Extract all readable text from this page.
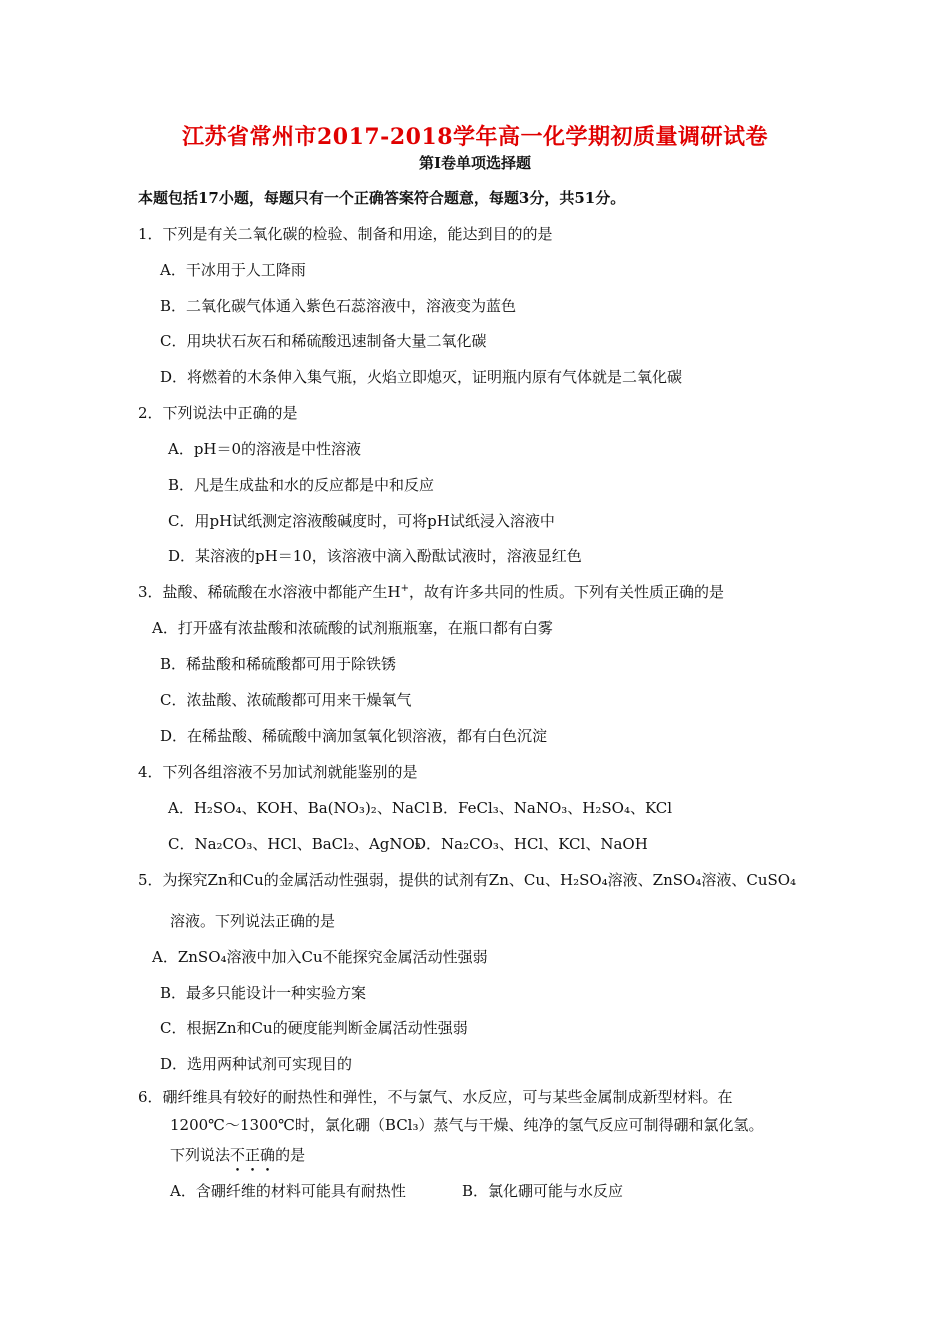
江苏省常州市2017-2018学年高一化学期初质量调研试卷
第Ⅰ卷单项选择题
本题包括17小题，每题只有一个正确答案符合题意，每题3分，共51分。
1．下列是有关二氧化碳的检验、制备和用途，能达到目的的是
A．干冰用于人工降雨
B．二氧化碳气体通入紫色石蕊溶液中，溶液变为蓝色
C．用块状石灰石和稀硫酸迅速制备大量二氧化碳
D．将燃着的木条伸入集气瓶，火焰立即熄灭，证明瓶内原有气体就是二氧化碳
2．下列说法中正确的是
A．pH＝0的溶液是中性溶液
B．凡是生成盐和水的反应都是中和反应
C．用pH试纸测定溶液酸碱度时，可将pH试纸浸入溶液中
D．某溶液的pH＝10，该溶液中滴入酚酞试液时，溶液显红色
3．盐酸、稀硫酸在水溶液中都能产生H+，故有许多共同的性质。下列有关性质正确的是
A．打开盛有浓盐酸和浓硫酸的试剂瓶瓶塞，在瓶口都有白雾
B．稀盐酸和稀硫酸都可用于除铁锈
C．浓盐酸、浓硫酸都可用来干燥氧气
D．在稀盐酸、稀硫酸中滴加氢氧化钡溶液，都有白色沉淀
4．下列各组溶液不另加试剂就能鉴别的是
A．H₂SO₄、KOH、Ba(NO₃)₂、NaCl B．FeCl₃、NaNO₃、H₂SO₄、KCl
C．Na₂CO₃、HCl、BaCl₂、AgNO₃
D．Na₂CO₃、HCl、KCl、NaOH
5．为探究Zn和Cu的金属活动性强弱，提供的试剂有Zn、Cu、H₂SO₄溶液、ZnSO₄溶液、CuSO₄
溶液。下列说法正确的是
A．ZnSO₄溶液中加入Cu不能探究金属活动性强弱
B．最多只能设计一种实验方案
C．根据Zn和Cu的硬度能判断金属活动性强弱
D．选用两种试剂可实现目的
6．硼纤维具有较好的耐热性和弹性，不与氯气、水反应，可与某些金属制成新型材料。在
1200℃～1300℃时，氯化硼（BCl₃）蒸气与干燥、纯净的氢气反应可制得硼和氯化氢。
下列说法不正确的是
A．含硼纤维的材料可能具有耐热性	B．氯化硼可能与水反应
